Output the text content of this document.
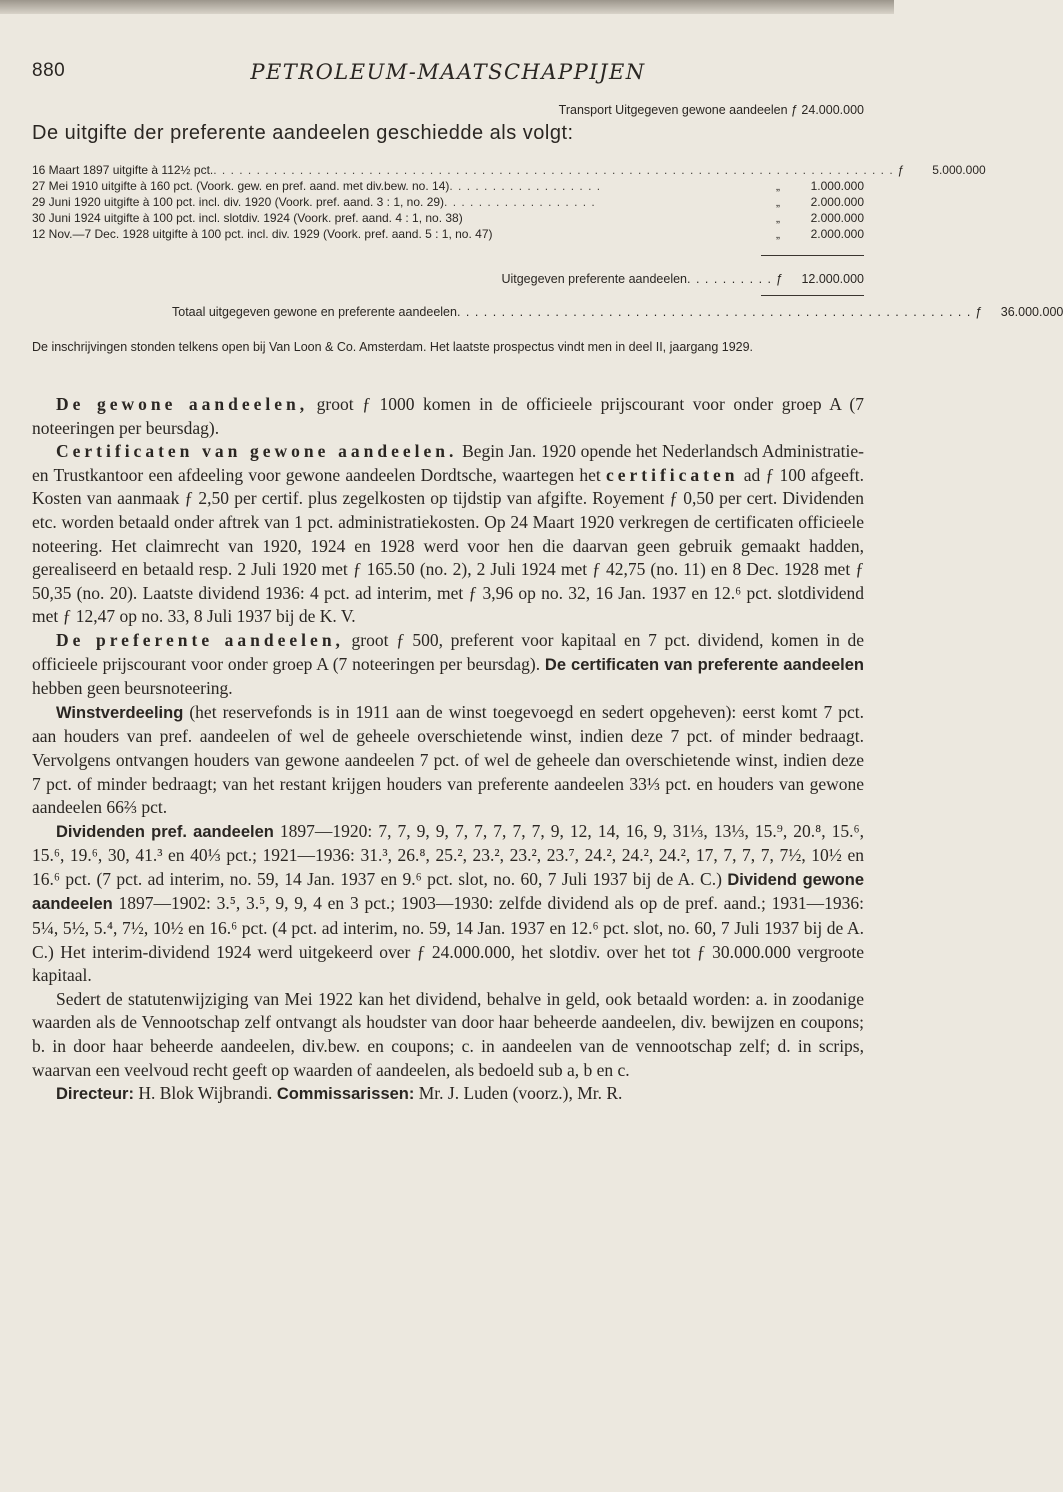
880	PETROLEUM-MAATSCHAPPIJEN
Transport Uitgegeven gewone aandeelen ƒ 24.000.000
De uitgifte der preferente aandeelen geschiedde als volgt:
16 Maart 1897 uitgifte à 112½ pct. . . . . . . . . . . . . . . . . . . . . . . . . . . . . . . . . . . . . . . . . . . . . . . . . . . . . . . . . . . . . . . . . . . . . . . . . . . . . . . . ƒ	5.000.000
27 Mei 1910 uitgifte à 160 pct. (Voork. gew. en pref. aand. met div.bew. no. 14) . . . . . . . . . . . . . . . . . .	„	1.000.000
29 Juni 1920 uitgifte à 100 pct. incl. div. 1920 (Voork. pref. aand. 3 : 1, no. 29) . . . . . . . . . . . . . . . . . .	„	2.000.000
30 Juni 1924 uitgifte à 100 pct. incl. slotdiv. 1924 (Voork. pref. aand. 4 : 1, no. 38)	„	2.000.000
12 Nov.—7 Dec. 1928 uitgifte à 100 pct. incl. div. 1929 (Voork. pref. aand. 5 : 1, no. 47)	„	2.000.000
Uitgegeven preferente aandeelen . . . . . . . . . . ƒ	12.000.000
Totaal uitgegeven gewone en preferente aandeelen . . . . . . . . . . . . . . . . . . . . . . . . . . . . . . . . . . . . . . . . . . . . . . . . . . . . . . . . . . ƒ	36.000.000
De inschrijvingen stonden telkens open bij Van Loon & Co. Amsterdam. Het laatste prospectus vindt men in deel II, jaargang 1929.

De gewone aandeelen, groot ƒ 1000 komen in de officieele prijscourant voor onder groep A (7 noteeringen per beursdag).

Certificaten van gewone aandeelen. Begin Jan. 1920 opende het Nederlandsch Administratie- en Trustkantoor een afdeeling voor gewone aandeelen Dordtsche, waartegen het certificaten ad ƒ 100 afgeeft. Kosten van aanmaak ƒ 2,50 per certif. plus zegelkosten op tijdstip van afgifte. Royement ƒ 0,50 per cert. Dividenden etc. worden betaald onder aftrek van 1 pct. administratiekosten. Op 24 Maart 1920 verkregen de certificaten officieele noteering. Het claimrecht van 1920, 1924 en 1928 werd voor hen die daarvan geen gebruik gemaakt hadden, gerealiseerd en betaald resp. 2 Juli 1920 met ƒ 165.50 (no. 2), 2 Juli 1924 met ƒ 42,75 (no. 11) en 8 Dec. 1928 met ƒ 50,35 (no. 20). Laatste dividend 1936: 4 pct. ad interim, met ƒ 3,96 op no. 32, 16 Jan. 1937 en 12.⁶ pct. slotdividend met ƒ 12,47 op no. 33, 8 Juli 1937 bij de K. V.

De preferente aandeelen, groot ƒ 500, preferent voor kapitaal en 7 pct. dividend, komen in de officieele prijscourant voor onder groep A (7 noteeringen per beursdag). De certificaten van preferente aandeelen hebben geen beursnoteering.

Winstverdeeling (het reservefonds is in 1911 aan de winst toegevoegd en sedert opgeheven): eerst komt 7 pct. aan houders van pref. aandeelen of wel de geheele overschietende winst, indien deze 7 pct. of minder bedraagt. Vervolgens ontvangen houders van gewone aandeelen 7 pct. of wel de geheele dan overschietende winst, indien deze 7 pct. of minder bedraagt; van het restant krijgen houders van preferente aandeelen 33⅓ pct. en houders van gewone aandeelen 66⅔ pct.

Dividenden pref. aandeelen 1897—1920: 7, 7, 9, 9, 7, 7, 7, 7, 7, 9, 12, 14, 16, 9, 31⅓, 13⅓, 15.⁹, 20.⁸, 15.⁶, 15.⁶, 19.⁶, 30, 41.³ en 40⅓ pct.; 1921—1936: 31.³, 26.⁸, 25.², 23.², 23.², 23.⁷, 24.², 24.², 24.², 17, 7, 7, 7, 7½, 10½ en 16.⁶ pct. (7 pct. ad interim, no. 59, 14 Jan. 1937 en 9.⁶ pct. slot, no. 60, 7 Juli 1937 bij de A. C.) Dividend gewone aandeelen 1897—1902: 3.⁵, 3.⁵, 9, 9, 4 en 3 pct.; 1903—1930: zelfde dividend als op de pref. aand.; 1931—1936: 5¼, 5½, 5.⁴, 7½, 10½ en 16.⁶ pct. (4 pct. ad interim, no. 59, 14 Jan. 1937 en 12.⁶ pct. slot, no. 60, 7 Juli 1937 bij de A. C.) Het interim-dividend 1924 werd uitgekeerd over ƒ 24.000.000, het slotdiv. over het tot ƒ 30.000.000 vergroote kapitaal.

Sedert de statutenwijziging van Mei 1922 kan het dividend, behalve in geld, ook betaald worden: a. in zoodanige waarden als de Vennootschap zelf ontvangt als houdster van door haar beheerde aandeelen, div. bewijzen en coupons; b. in door haar beheerde aandeelen, div.bew. en coupons; c. in aandeelen van de vennootschap zelf; d. in scrips, waarvan een veelvoud recht geeft op waarden of aandeelen, als bedoeld sub a, b en c.

Directeur: H. Blok Wijbrandi. Commissarissen: Mr. J. Luden (voorz.), Mr. R.
